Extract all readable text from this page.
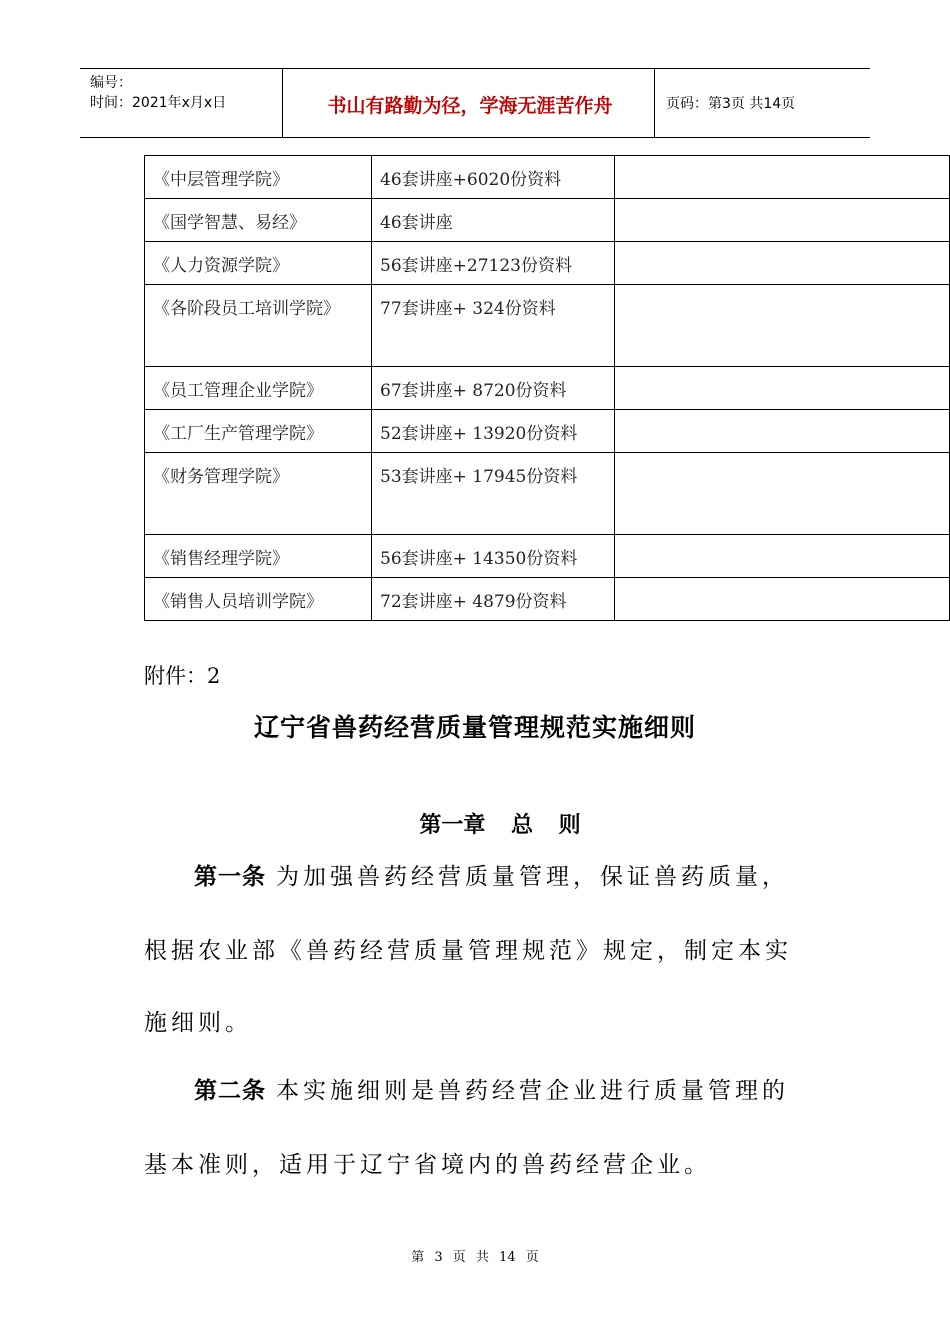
编号：
时间：2021年x月x日	书山有路勤为径，学海无涯苦作舟	页码：第3页 共14页
《中层管理学院》	46套讲座+6020份资料	
《国学智慧、易经》	46套讲座	
《人力资源学院》	56套讲座+27123份资料	
《各阶段员工培训学院》	77套讲座+ 324份资料	
《员工管理企业学院》	67套讲座+ 8720份资料	
《工厂生产管理学院》	52套讲座+ 13920份资料	
《财务管理学院》	53套讲座+ 17945份资料	
《销售经理学院》	56套讲座+ 14350份资料	
《销售人员培训学院》	72套讲座+ 4879份资料	
附件：2
辽宁省兽药经营质量管理规范实施细则
第一章 总 则
第一条 为加强兽药经营质量管理，保证兽药质量，
根据农业部《兽药经营质量管理规范》规定，制定本实
施细则。
第二条 本实施细则是兽药经营企业进行质量管理的
基本准则，适用于辽宁省境内的兽药经营企业。
第 3 页 共 14 页
